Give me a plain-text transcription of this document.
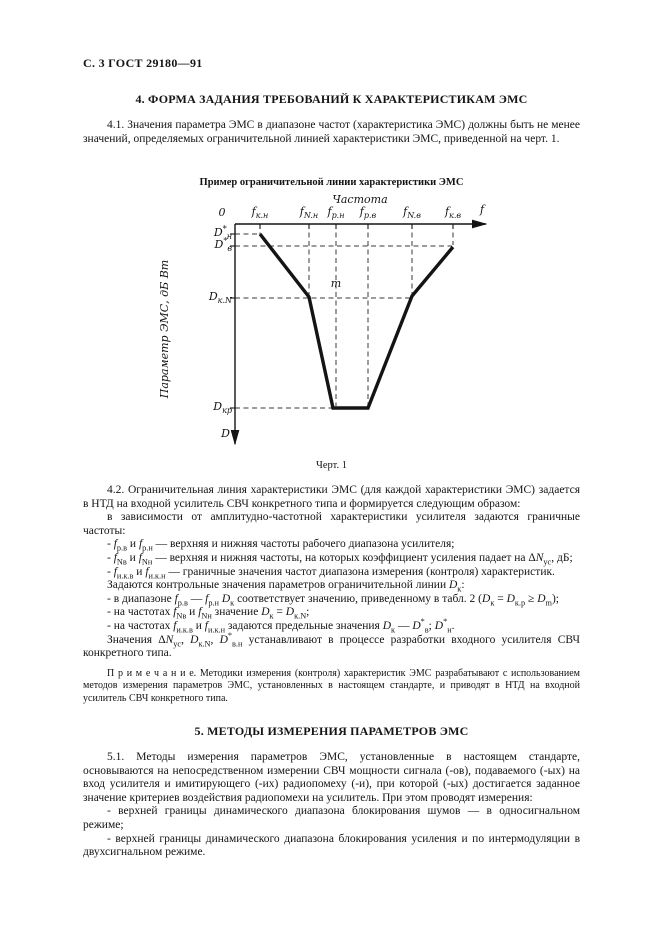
С. 3 ГОСТ 29180—91
4. ФОРМА ЗАДАНИЯ ТРЕБОВАНИЙ К ХАРАКТЕРИСТИКАМ ЭМС

4.1. Значения параметра ЭМС в диапазоне частот (характеристика ЭМС) должны быть не менее значений, определяемых ограничительной линией характеристики ЭМС, приведенной на черт. 1.

Пример ограничительной линии характеристики ЭМС
Частота
0	$f_{к.н}$	$f_{N.н}$ $f_{р.н}$	$f_{р.в}$	$f_{N.в}$	$f_{к.в}$	f
$D^*_н$
$D^*_в$
$D_{к.N}$
$D_{кр}$
D
Параметр ЭМС, дБ Вт	т
Черт. 1

4.2. Ограничительная линия характеристики ЭМС (для каждой характеристики ЭМС) задается в НТД на входной усилитель СВЧ конкретного типа и формируется следующим образом:

в зависимости от амплитудно-частотной характеристики усилителя задаются граничные частоты:

- $f_{р.в}$ и $f_{р.н}$ — верхняя и нижняя частоты рабочего диапазона усилителя;

- $f_{Nв}$ и $f_{Nн}$ — верхняя и нижняя частоты, на которых коэффициент усиления падает на $\Delta N_{ус}$, дБ;

- $f_{и.к.в}$ и $f_{и.к.н}$ — граничные значения частот диапазона измерения (контроля) характеристик.

Задаются контрольные значения параметров ограничительной линии $D_к$:

- в диапазоне $f_{р.в}$ — $f_{р.н}$ $D_к$ соответствует значению, приведенному в табл. 2 $(D_к = D_{к.р} \ge D_m)$;

- на частотах $f_{Nв}$ и $f_{Nн}$ значение $D_к = D_{к.N}$;

- на частотах $f_{и.к.в}$ и $f_{и.к.н}$ задаются предельные значения $D_к$ — $D^*_в$; $D^*_н$.

Значения $\Delta N_{ус}$, $D_{к.N}$, $D^*_{в.н}$ устанавливают в процессе разработки входного усилителя СВЧ конкретного типа.

П р и м е ч а н и е. Методики измерения (контроля) характеристик ЭМС разрабатывают с использованием методов измерения параметров ЭМС, установленных в настоящем стандарте, и приводят в НТД на входной усилитель СВЧ конкретного типа.

5. МЕТОДЫ ИЗМЕРЕНИЯ ПАРАМЕТРОВ ЭМС

5.1. Методы измерения параметров ЭМС, установленные в настоящем стандарте, основываются на непосредственном измерении СВЧ мощности сигнала (-ов), подаваемого (-ых) на вход усилителя и имитирующего (-их) радиопомеху (-и), при которой (-ых) достигается заданное значение критериев воздействия радиопомехи на усилитель. При этом проводят измерения:

- верхней границы динамического диапазона блокирования шумов — в односигнальном режиме;

- верхней границы динамического диапазона блокирования усиления и по интермодуляции в двухсигнальном режиме.
